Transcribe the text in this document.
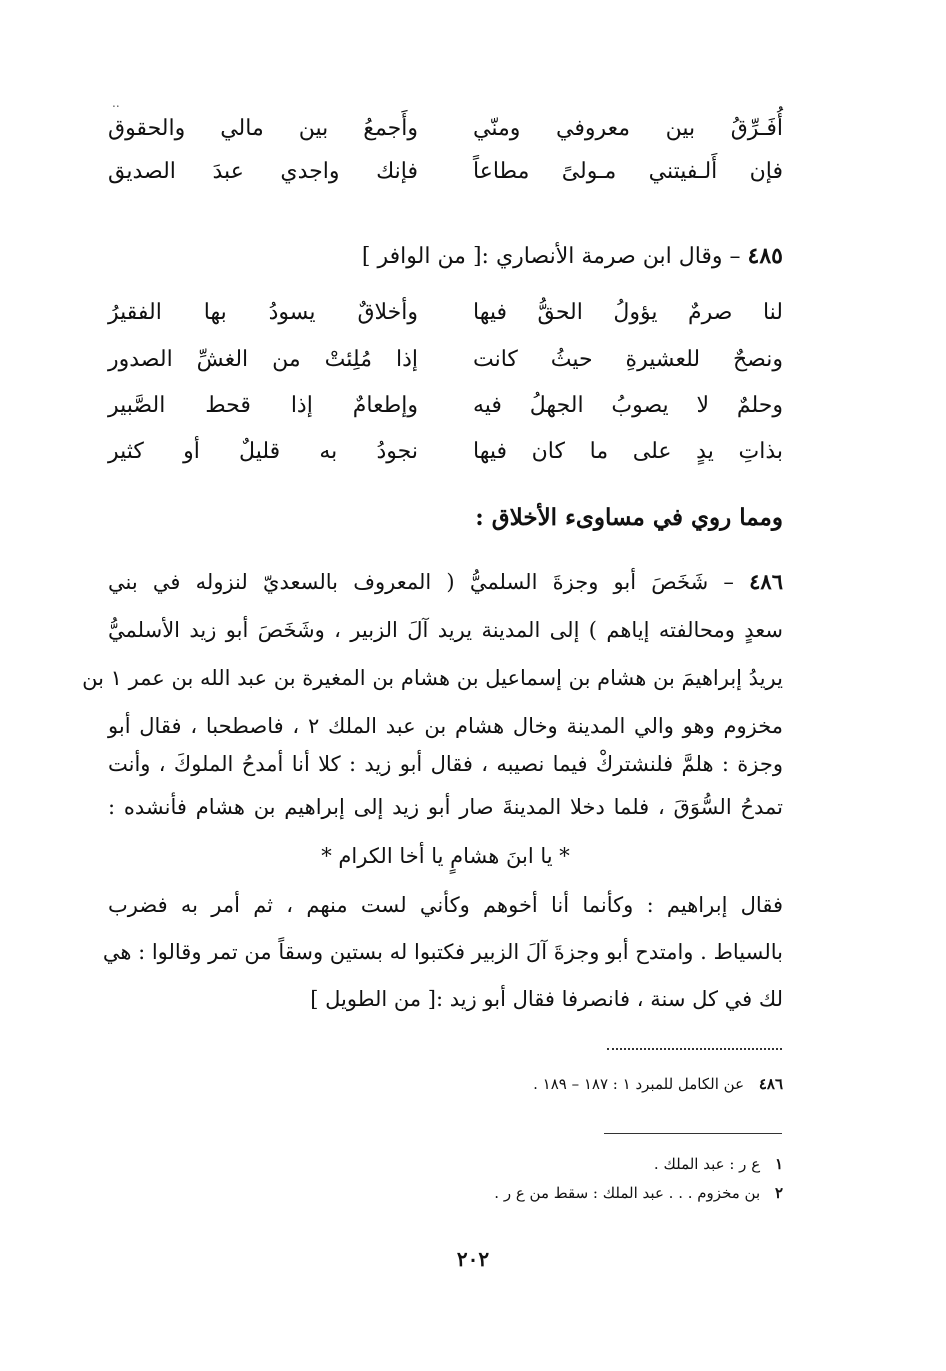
..
أُفَـرِّقُ بين معروفي ومنّي
وأَجمعُ بين مالي والحقوق
فإن أَلـفيتني مـولىً مطاعاً
فإنك واجدي عبدَ الصديق
٤٨٥ – وقال ابن صرمة الأنصاري :[ من الوافر ]
لنا صرمٌ يؤولُ الحقُّ فيها
وأخلاقٌ يسودُ بها الفقيرُ
ونصحٌ للعشيرةِ حيثُ كانت
إذا مُلِئتْ من الغشِّ الصدور
وحلمٌ لا يصوبُ الجهلُ فيه
وإطعامٌ إذا قحط الصَّبير
بذاتِ يدٍ على ما كان فيها
نجودُ به قليلٌ أو كثير
ومما روي في مساوىء الأخلاق :
٤٨٦ – شَخَصَ أبو وجزةَ السلميُّ ( المعروف بالسعديّ لنزوله في بني
سعدٍ ومحالفته إياهم ) إلى المدينة يريد آلَ الزبير ، وشَخَصَ أبو زيد الأسلميُّ
يريدُ إبراهيمَ بن هشام بن إسماعيل بن هشام بن المغيرة بن عبد الله بن عمر ١ بن
مخزوم وهو والي المدينة وخال هشام بن عبد الملك ٢ ، فاصطحبا ، فقال أبو
وجزة : هلمَّ فلنشتركْ فيما نصيبه ، فقال أبو زيد : كلا أنا أمدحُ الملوكَ ، وأنت
تمدحُ السُّوَقَ ، فلما دخلا المدينةَ صار أبو زيد إلى إبراهيم بن هشام فأنشده :
* يا ابنَ هشامٍ يا أخا الكرام *
فقال إبراهيم : وكأنما أنا أخوهم وكأني لست منهم ، ثم أمر به فضرب
بالسياط . وامتدح أبو وجزةَ آلَ الزبير فكتبوا له بستين وسقاً من تمر وقالوا : هي
لك في كل سنة ، فانصرفا فقال أبو زيد :[ من الطويل ]
٤٨٦ عن الكامل للمبرد ١ : ١٨٧ – ١٨٩ .
١ ع ر : عبد الملك .
٢ بن مخزوم . . . عبد الملك : سقط من ع ر .
٢٠٢
